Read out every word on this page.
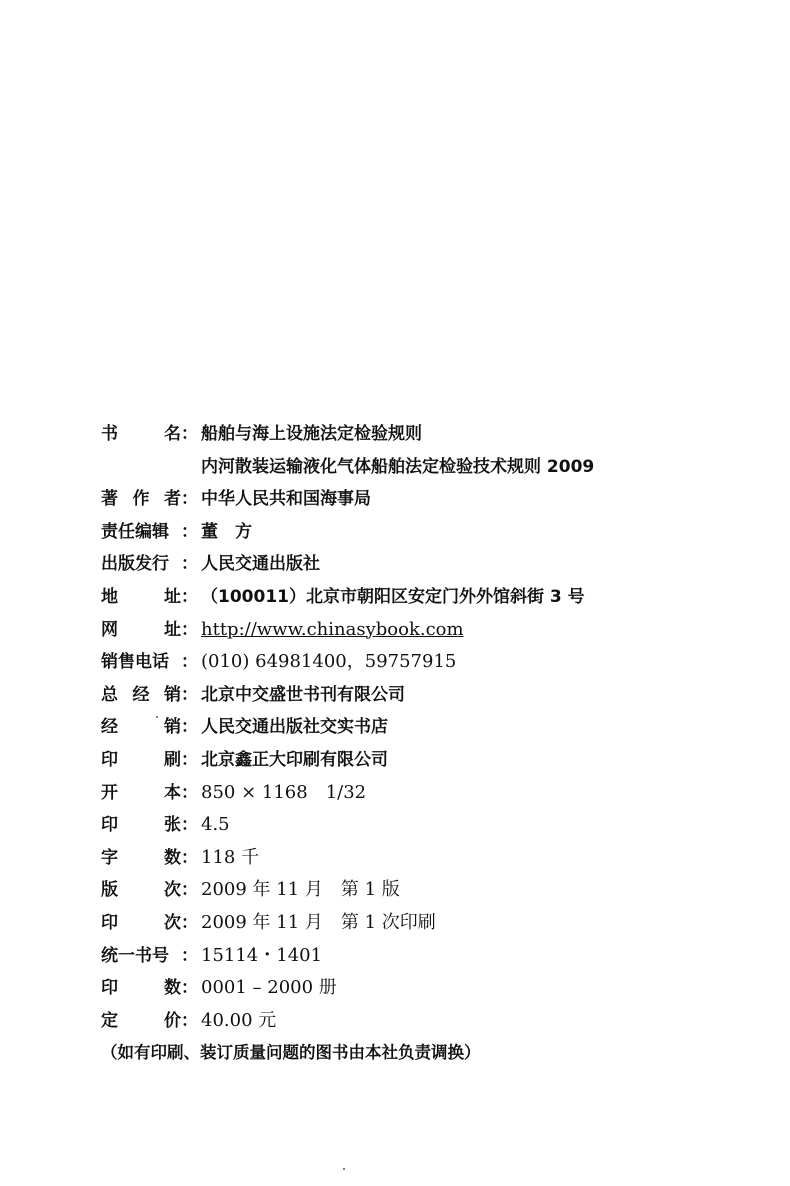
书	名 ： 船舶与海上设施法定检验规则
内河散装运输液化气体船舶法定检验技术规则 2009
著 作 者 ： 中华人民共和国海事局
责任编辑 ： 董　方
出版发行 ： 人民交通出版社
地	址 ： （100011）北京市朝阳区安定门外外馆斜街 3 号
网	址 ： http://www.chinasybook.com
销售电话 ： (010) 64981400，59757915
总 经 销 ： 北京中交盛世书刊有限公司
经	销 ： 人民交通出版社交实书店
印	刷 ： 北京鑫正大印刷有限公司
开	本 ： 850 × 1168　1/32
印	张 ： 4.5
字	数 ： 118 千
版	次 ： 2009 年 11 月　第 1 版
印	次 ： 2009 年 11 月　第 1 次印刷
统一书号 ： 15114・1401
印	数 ： 0001 – 2000 册
定	价 ： 40.00 元
（如有印刷、装订质量问题的图书由本社负责调换）
